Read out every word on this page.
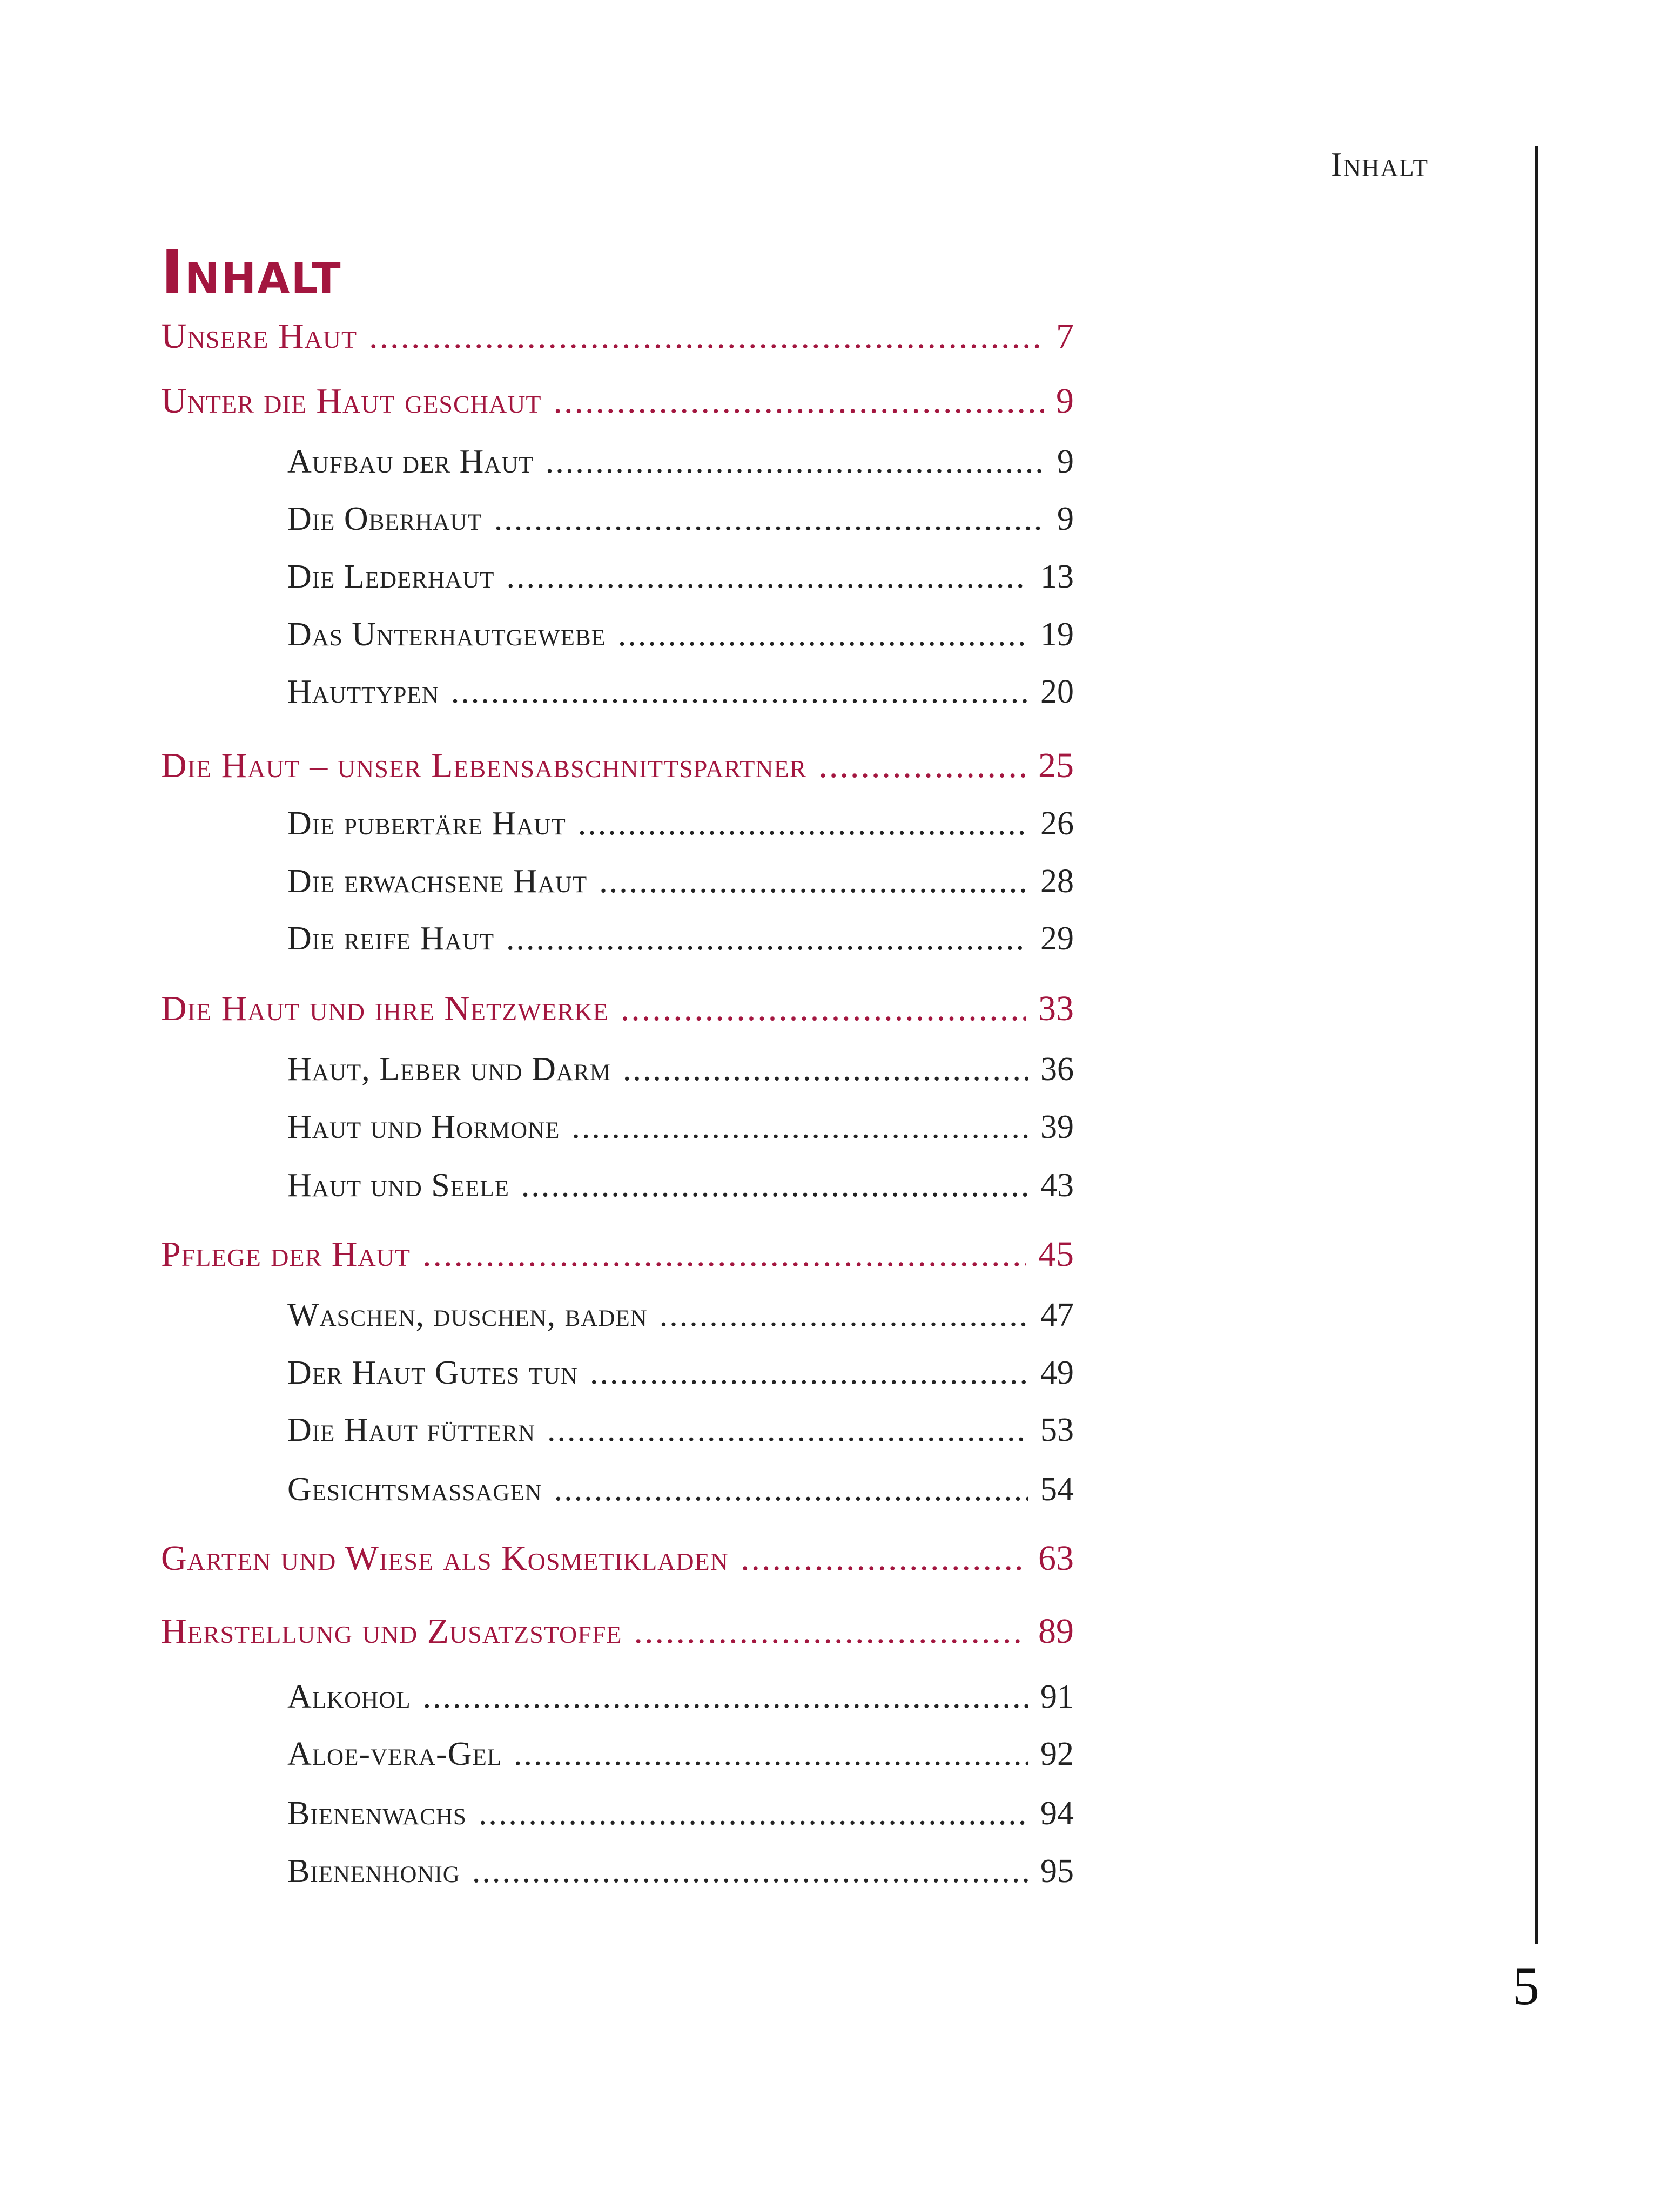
Inhalt
Inhalt
Unsere Haut .....	7
Unter die Haut geschaut .....	9
Aufbau der Haut .....	9
Die Oberhaut .....	9
Die Lederhaut .....	13
Das Unterhautgewebe .....	19
Hauttypen .....	20
Die Haut – unser Lebensabschnittspartner .....	25
Die pubertäre Haut .....	26
Die erwachsene Haut .....	28
Die reife Haut .....	29
Die Haut und ihre Netzwerke .....	33
Haut, Leber und Darm .....	36
Haut und Hormone .....	39
Haut und Seele .....	43
Pflege der Haut .....	45
Waschen, duschen, baden .....	47
Der Haut Gutes tun .....	49
Die Haut füttern .....	53
Gesichtsmassagen .....	54
Garten und Wiese als Kosmetikladen .....	63
Herstellung und Zusatzstoffe .....	89
Alkohol .....	91
Aloe-vera-Gel .....	92
Bienenwachs .....	94
Bienenhonig .....	95
5
